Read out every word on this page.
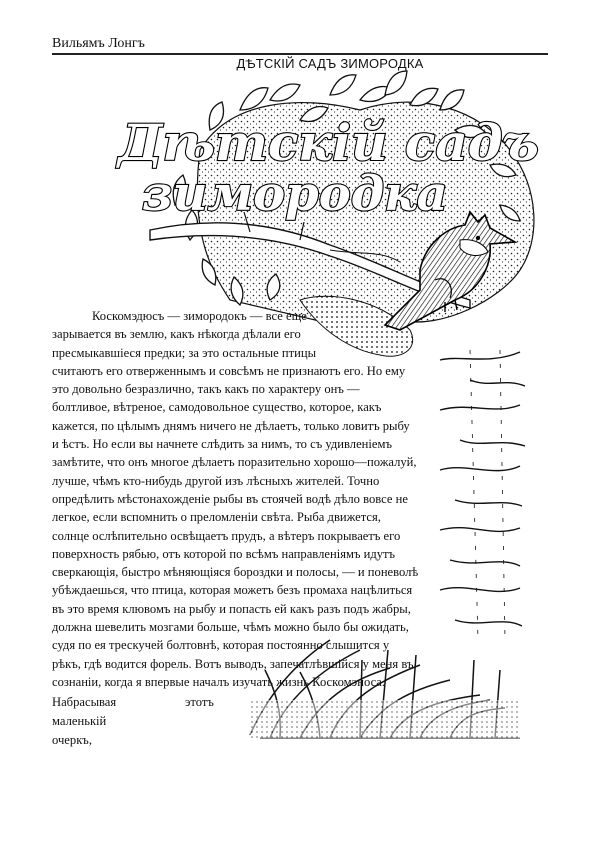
Вильямъ Лонгъ
ДѢТСКІЙ САДЪ ЗИМОРОДКА
Дѣтскій садъ
зимородка

Коскомэдюсъ — зимородокъ — все еще

зарывается въ землю, какъ нѣкогда дѣлали его

пресмыкавшіеся предки; за это остальные птицы

считаютъ его отверженнымъ и совсѣмъ не признаютъ его. Но ему

это довольно безразлично, такъ какъ по характеру онъ —

болтливое, вѣтреное, самодовольное существо, которое, какъ

кажется, по цѣлымъ днямъ ничего не дѣлаетъ, только ловитъ рыбу

и ѣстъ. Но если вы начнете слѣдить за нимъ, то съ удивленіемъ

замѣтите, что онъ многое дѣлаетъ поразительно хорошо—пожалуй,

лучше, чѣмъ кто-нибудь другой изъ лѣсныхъ жителей. Точно

опредѣлить мѣстонахожденіе рыбы въ стоячей водѣ дѣло вовсе не

легкое, если вспомнить о преломленіи свѣта. Рыба движется,

солнце ослѣпительно освѣщаетъ прудъ, а вѣтеръ покрываетъ его

поверхность рябью, отъ которой по всѣмъ направленіямъ идутъ

сверкающія, быстро мѣняющіяся бороздки и полосы, — и поневолѣ

убѣждаешься, что птица, которая можетъ безъ промаха нацѣлиться

въ это время клювомъ на рыбу и попасть ей какъ разъ подъ жабры,

должна шевелить мозгами больше, чѣмъ можно было бы ожидать,

судя по ея трескучей болтовнѣ, которая постоянно слышится у

рѣкъ, гдѣ водится форель. Вотъ выводъ, запечатлѣвшійся у меня въ

сознаніи, когда я впервые началъ изучать жизнь Коскомэноса.

Набрасывая	этотъ
маленькій
очеркъ,
